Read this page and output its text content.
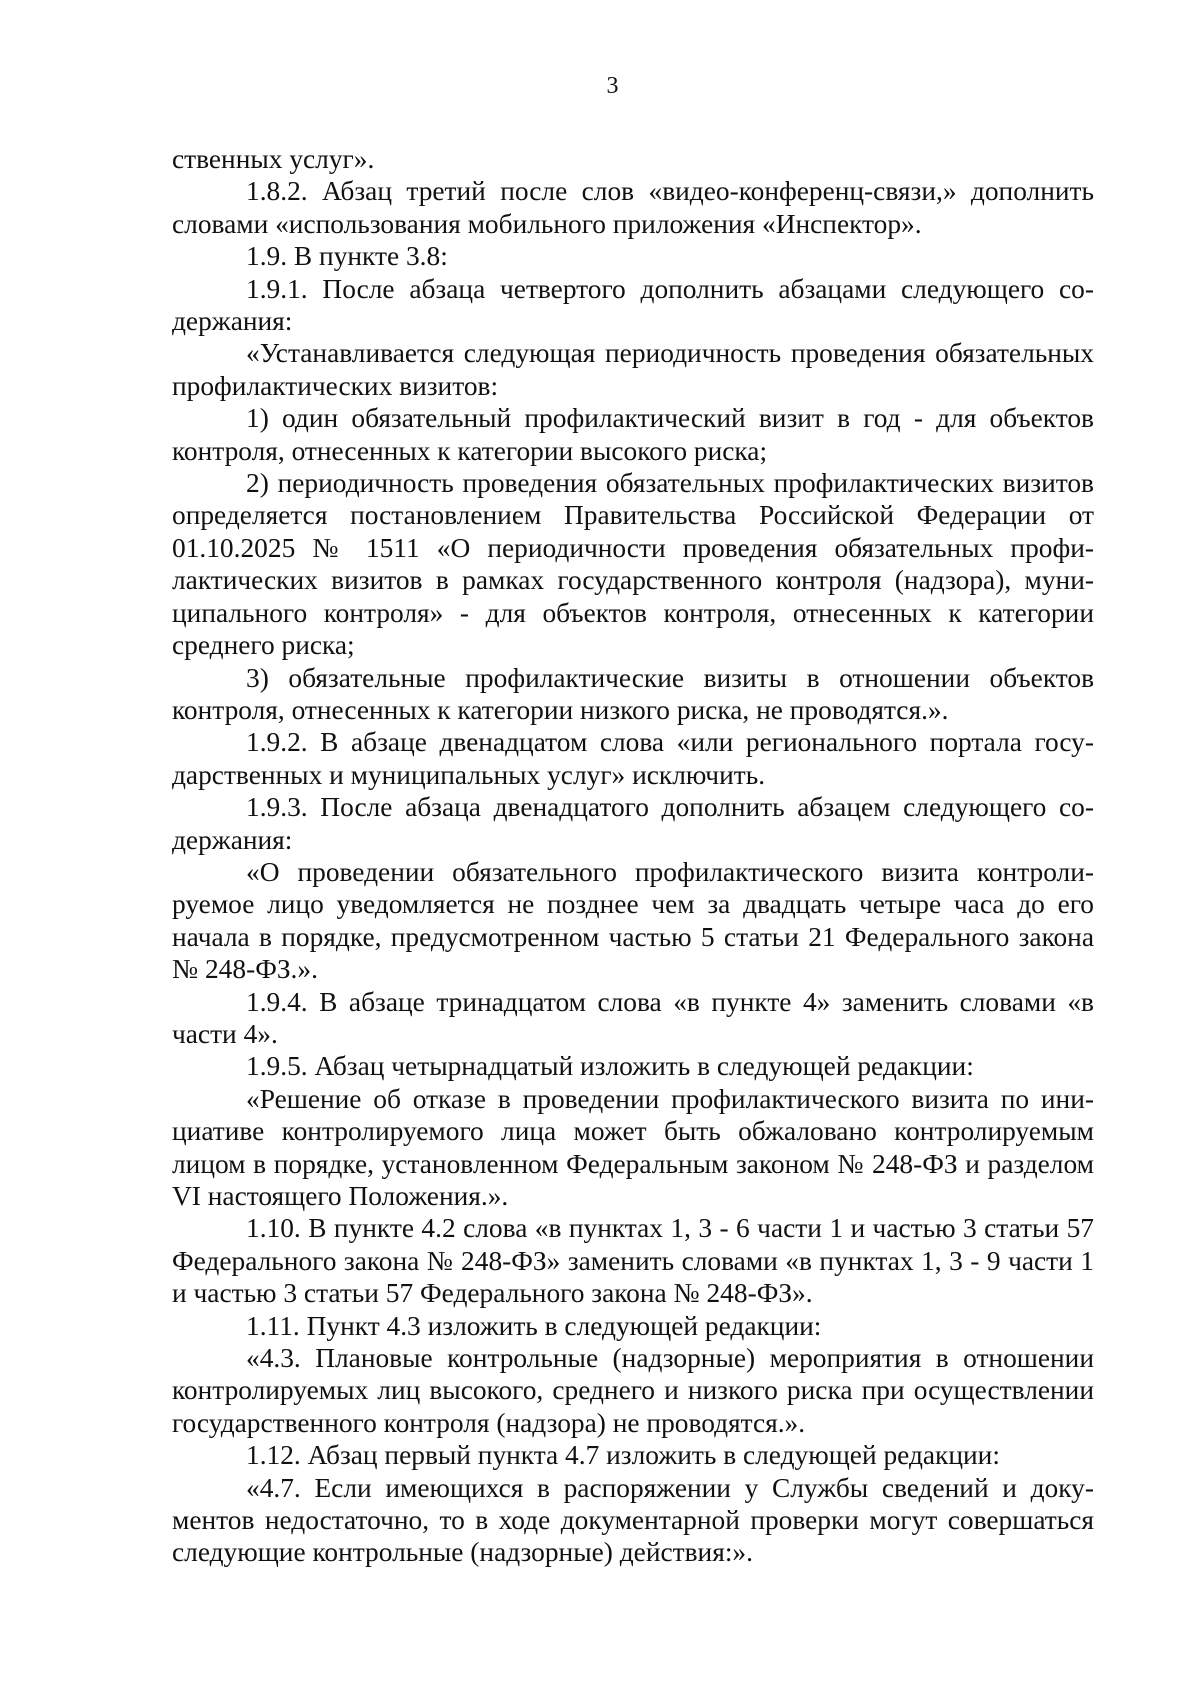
3

ственных услуг».

1.8.2. Абзац третий после слов «видео-конференц-связи,» дополнить словами «использования мобильного приложения «Инспектор».

1.9. В пункте 3.8:

1.9.1. После абзаца четвертого дополнить абзацами следующего содержания:

«Устанавливается следующая периодичность проведения обязательных профилактических визитов:

1) один обязательный профилактический визит в год - для объектов контроля, отнесенных к категории высокого риска;

2) периодичность проведения обязательных профилактических визитов определяется постановлением Правительства Российской Федерации от 01.10.2025 № 1511 «О периодичности проведения обязательных профилактических визитов в рамках государственного контроля (надзора), муниципального контроля» - для объектов контроля, отнесенных к категории среднего риска;

3) обязательные профилактические визиты в отношении объектов контроля, отнесенных к категории низкого риска, не проводятся.».

1.9.2. В абзаце двенадцатом слова «или регионального портала государственных и муниципальных услуг» исключить.

1.9.3. После абзаца двенадцатого дополнить абзацем следующего содержания:

«О проведении обязательного профилактического визита контролируемое лицо уведомляется не позднее чем за двадцать четыре часа до его начала в порядке, предусмотренном частью 5 статьи 21 Федерального закона № 248-ФЗ.».

1.9.4. В абзаце тринадцатом слова «в пункте 4» заменить словами «в части 4».

1.9.5. Абзац четырнадцатый изложить в следующей редакции:

«Решение об отказе в проведении профилактического визита по инициативе контролируемого лица может быть обжаловано контролируемым лицом в порядке, установленном Федеральным законом № 248-ФЗ и разделом VI настоящего Положения.».

1.10. В пункте 4.2 слова «в пунктах 1, 3 - 6 части 1 и частью 3 статьи 57 Федерального закона № 248-ФЗ» заменить словами «в пунктах 1, 3 - 9 части 1 и частью 3 статьи 57 Федерального закона № 248-ФЗ».

1.11. Пункт 4.3 изложить в следующей редакции:

«4.3. Плановые контрольные (надзорные) мероприятия в отношении контролируемых лиц высокого, среднего и низкого риска при осуществлении государственного контроля (надзора) не проводятся.».

1.12. Абзац первый пункта 4.7 изложить в следующей редакции:

«4.7. Если имеющихся в распоряжении у Службы сведений и документов недостаточно, то в ходе документарной проверки могут совершаться следующие контрольные (надзорные) действия:».
